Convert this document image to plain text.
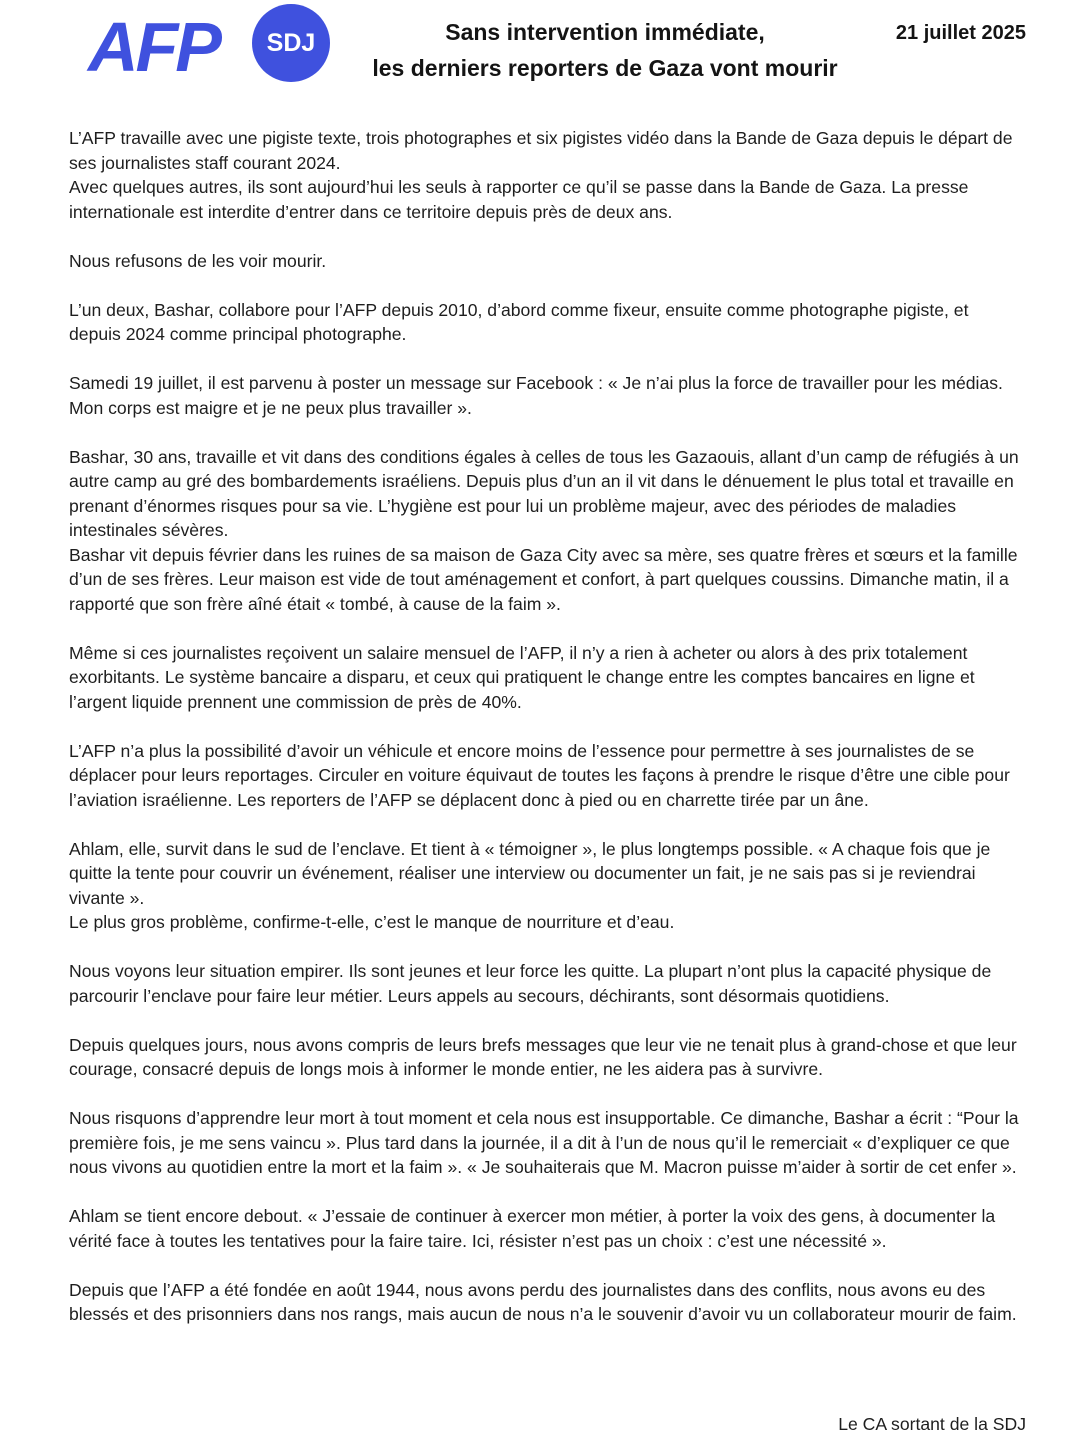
AFP	SDJ	Sans intervention immédiate,
les derniers reporters de Gaza vont mourir
21 juillet 2025

L’AFP travaille avec une pigiste texte, trois photographes et six pigistes vidéo dans la Bande de Gaza depuis le départ de ses journalistes staff courant 2024.

Avec quelques autres, ils sont aujourd’hui les seuls à rapporter ce qu’il se passe dans la Bande de Gaza. La presse internationale est interdite d’entrer dans ce territoire depuis près de deux ans.

Nous refusons de les voir mourir.

L’un deux, Bashar, collabore pour l’AFP depuis 2010, d’abord comme fixeur, ensuite comme photographe pigiste, et depuis 2024 comme principal photographe.

Samedi 19 juillet, il est parvenu à poster un message sur Facebook : « Je n’ai plus la force de travailler pour les médias. Mon corps est maigre et je ne peux plus travailler ».

Bashar, 30 ans, travaille et vit dans des conditions égales à celles de tous les Gazaouis, allant d’un camp de réfugiés à un autre camp au gré des bombardements israéliens. Depuis plus d’un an il vit dans le dénuement le plus total et travaille en prenant d’énormes risques pour sa vie. L’hygiène est pour lui un problème majeur, avec des périodes de maladies intestinales sévères.

Bashar vit depuis février dans les ruines de sa maison de Gaza City avec sa mère, ses quatre frères et sœurs et la famille d’un de ses frères. Leur maison est vide de tout aménagement et confort, à part quelques coussins. Dimanche matin, il a rapporté que son frère aîné était « tombé, à cause de la faim ».

Même si ces journalistes reçoivent un salaire mensuel de l’AFP, il n’y a rien à acheter ou alors à des prix totalement exorbitants. Le système bancaire a disparu, et ceux qui pratiquent le change entre les comptes bancaires en ligne et l’argent liquide prennent une commission de près de 40%.

L’AFP n’a plus la possibilité d’avoir un véhicule et encore moins de l’essence pour permettre à ses journalistes de se déplacer pour leurs reportages. Circuler en voiture équivaut de toutes les façons à prendre le risque d’être une cible pour l’aviation israélienne. Les reporters de l’AFP se déplacent donc à pied ou en charrette tirée par un âne.

Ahlam, elle, survit dans le sud de l’enclave. Et tient à « témoigner », le plus longtemps possible. « A chaque fois que je quitte la tente pour couvrir un événement, réaliser une interview ou documenter un fait, je ne sais pas si je reviendrai vivante ».

Le plus gros problème, confirme-t-elle, c’est le manque de nourriture et d’eau.

Nous voyons leur situation empirer. Ils sont jeunes et leur force les quitte. La plupart n’ont plus la capacité physique de parcourir l’enclave pour faire leur métier. Leurs appels au secours, déchirants, sont désormais quotidiens.

Depuis quelques jours, nous avons compris de leurs brefs messages que leur vie ne tenait plus à grand-chose et que leur courage, consacré depuis de longs mois à informer le monde entier, ne les aidera pas à survivre.

Nous risquons d’apprendre leur mort à tout moment et cela nous est insupportable. Ce dimanche, Bashar a écrit : “Pour la première fois, je me sens vaincu ». Plus tard dans la journée, il a dit à l’un de nous qu’il le remerciait « d’expliquer ce que nous vivons au quotidien entre la mort et la faim ». « Je souhaiterais que M. Macron puisse m’aider à sortir de cet enfer ».

Ahlam se tient encore debout. « J’essaie de continuer à exercer mon métier, à porter la voix des gens, à documenter la vérité face à toutes les tentatives pour la faire taire. Ici, résister n’est pas un choix : c’est une nécessité ».

Depuis que l’AFP a été fondée en août 1944, nous avons perdu des journalistes dans des conflits, nous avons eu des blessés et des prisonniers dans nos rangs, mais aucun de nous n’a le souvenir d’avoir vu un collaborateur mourir de faim.

Le CA sortant de la SDJ
